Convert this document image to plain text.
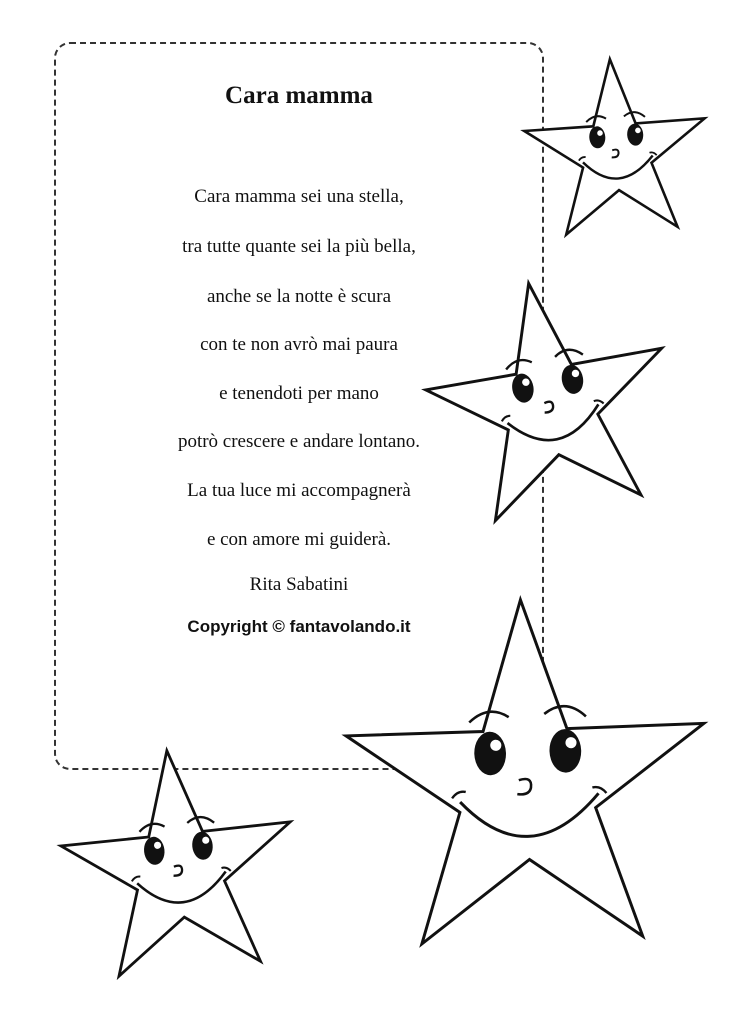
Cara mamma
Cara mamma sei una stella,
tra tutte quante sei la più bella,
anche se la notte è scura
con te non avrò mai paura
e tenendoti per mano
potrò crescere e andare lontano.
La tua luce mi accompagnerà
e con amore mi guiderà.
Rita Sabatini
Copyright © fantavolando.it
